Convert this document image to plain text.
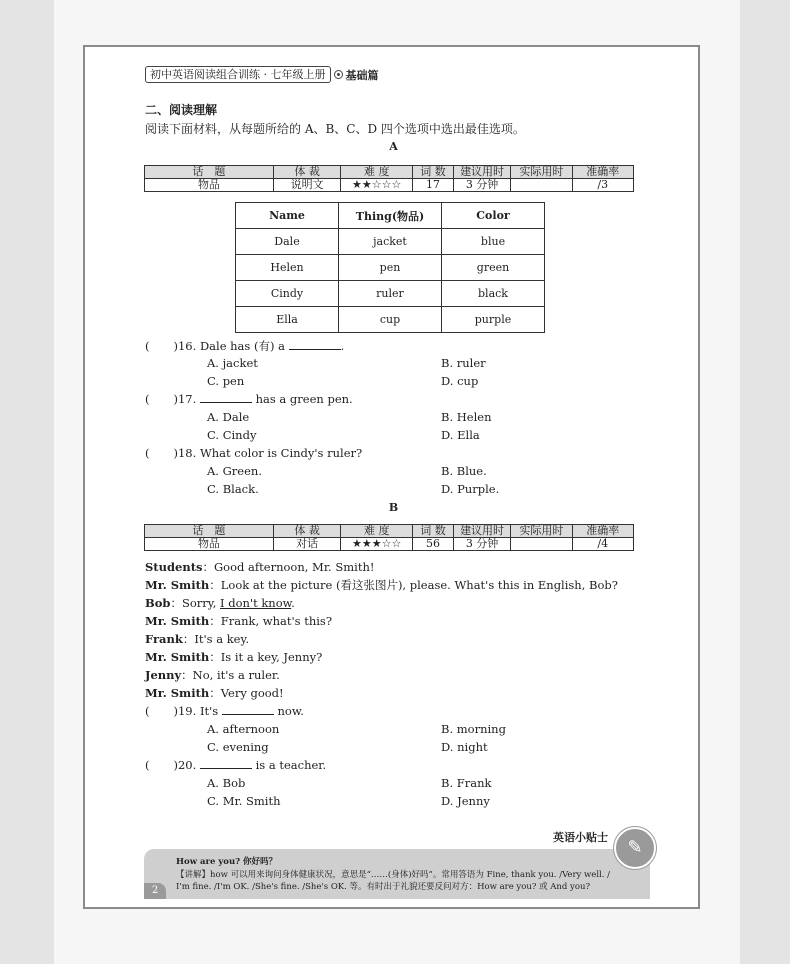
初中英语阅读组合训练 · 七年级上册	基础篇
二、阅读理解
阅读下面材料，从每题所给的 A、B、C、D 四个选项中选出最佳选项。
A
话　题	体 裁	难 度	词 数	建议用时	实际用时	准确率
物品	说明文	★★☆☆☆	17	3 分钟		/3
Name	Thing(物品)	Color
Dale	jacket	blue
Helen	pen	green
Cindy	ruler	black
Ella	cup	purple
( )16. Dale has (有) a	.
A. jacket	B. ruler
C. pen	D. cup
( )17.	has a green pen.
A. Dale	B. Helen
C. Cindy	D. Ella
( )18. What color is Cindy's ruler?
A. Green.	B. Blue.
C. Black.	D. Purple.
B
话　题	体 裁	难 度	词 数	建议用时	实际用时	准确率
物品	对话	★★★☆☆	56	3 分钟		/4
Students：Good afternoon, Mr. Smith!
Mr. Smith：Look at the picture (看这张图片), please. What's this in English, Bob?
Bob：Sorry, I don't know.
Mr. Smith：Frank, what's this?
Frank：It's a key.
Mr. Smith：Is it a key, Jenny?
Jenny：No, it's a ruler.
Mr. Smith：Very good!
( )19. It's	now.
A. afternoon	B. morning
C. evening	D. night
( )20.	is a teacher.
A. Bob	B. Frank
C. Mr. Smith	D. Jenny
How are you? 你好吗？
【讲解】how 可以用来询问身体健康状况，意思是“……(身体)好吗”。常用答语为 Fine, thank you. /Very well. /
I'm fine. /I'm OK. /She's fine. /She's OK. 等。有时出于礼貌还要反问对方：How are you? 或 And you?
2
英语小贴士	✎
